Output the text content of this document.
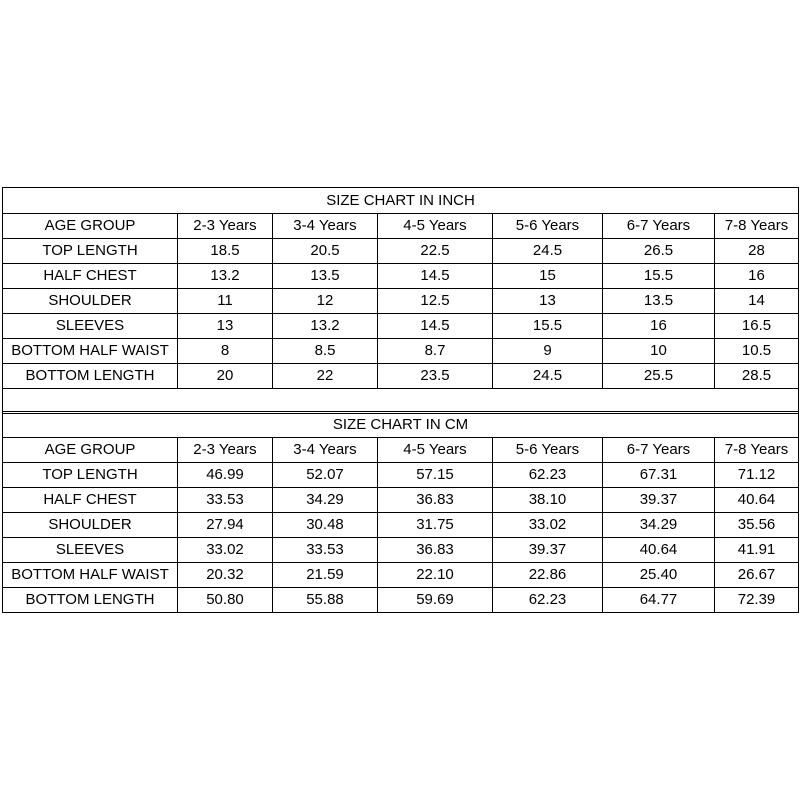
SIZE CHART IN INCH						
AGE GROUP	2-3 Years	3-4 Years	4-5 Years	5-6 Years	6-7 Years	7-8 Years
TOP LENGTH	18.5	20.5	22.5	24.5	26.5	28
HALF CHEST	13.2	13.5	14.5	15	15.5	16
SHOULDER	11	12	12.5	13	13.5	14
SLEEVES	13	13.2	14.5	15.5	16	16.5
BOTTOM HALF WAIST	8	8.5	8.7	9	10	10.5
BOTTOM LENGTH	20	22	23.5	24.5	25.5	28.5

SIZE CHART IN CM						
AGE GROUP	2-3 Years	3-4 Years	4-5 Years	5-6 Years	6-7 Years	7-8 Years
TOP LENGTH	46.99	52.07	57.15	62.23	67.31	71.12
HALF CHEST	33.53	34.29	36.83	38.10	39.37	40.64
SHOULDER	27.94	30.48	31.75	33.02	34.29	35.56
SLEEVES	33.02	33.53	36.83	39.37	40.64	41.91
BOTTOM HALF WAIST	20.32	21.59	22.10	22.86	25.40	26.67
BOTTOM LENGTH	50.80	55.88	59.69	62.23	64.77	72.39
